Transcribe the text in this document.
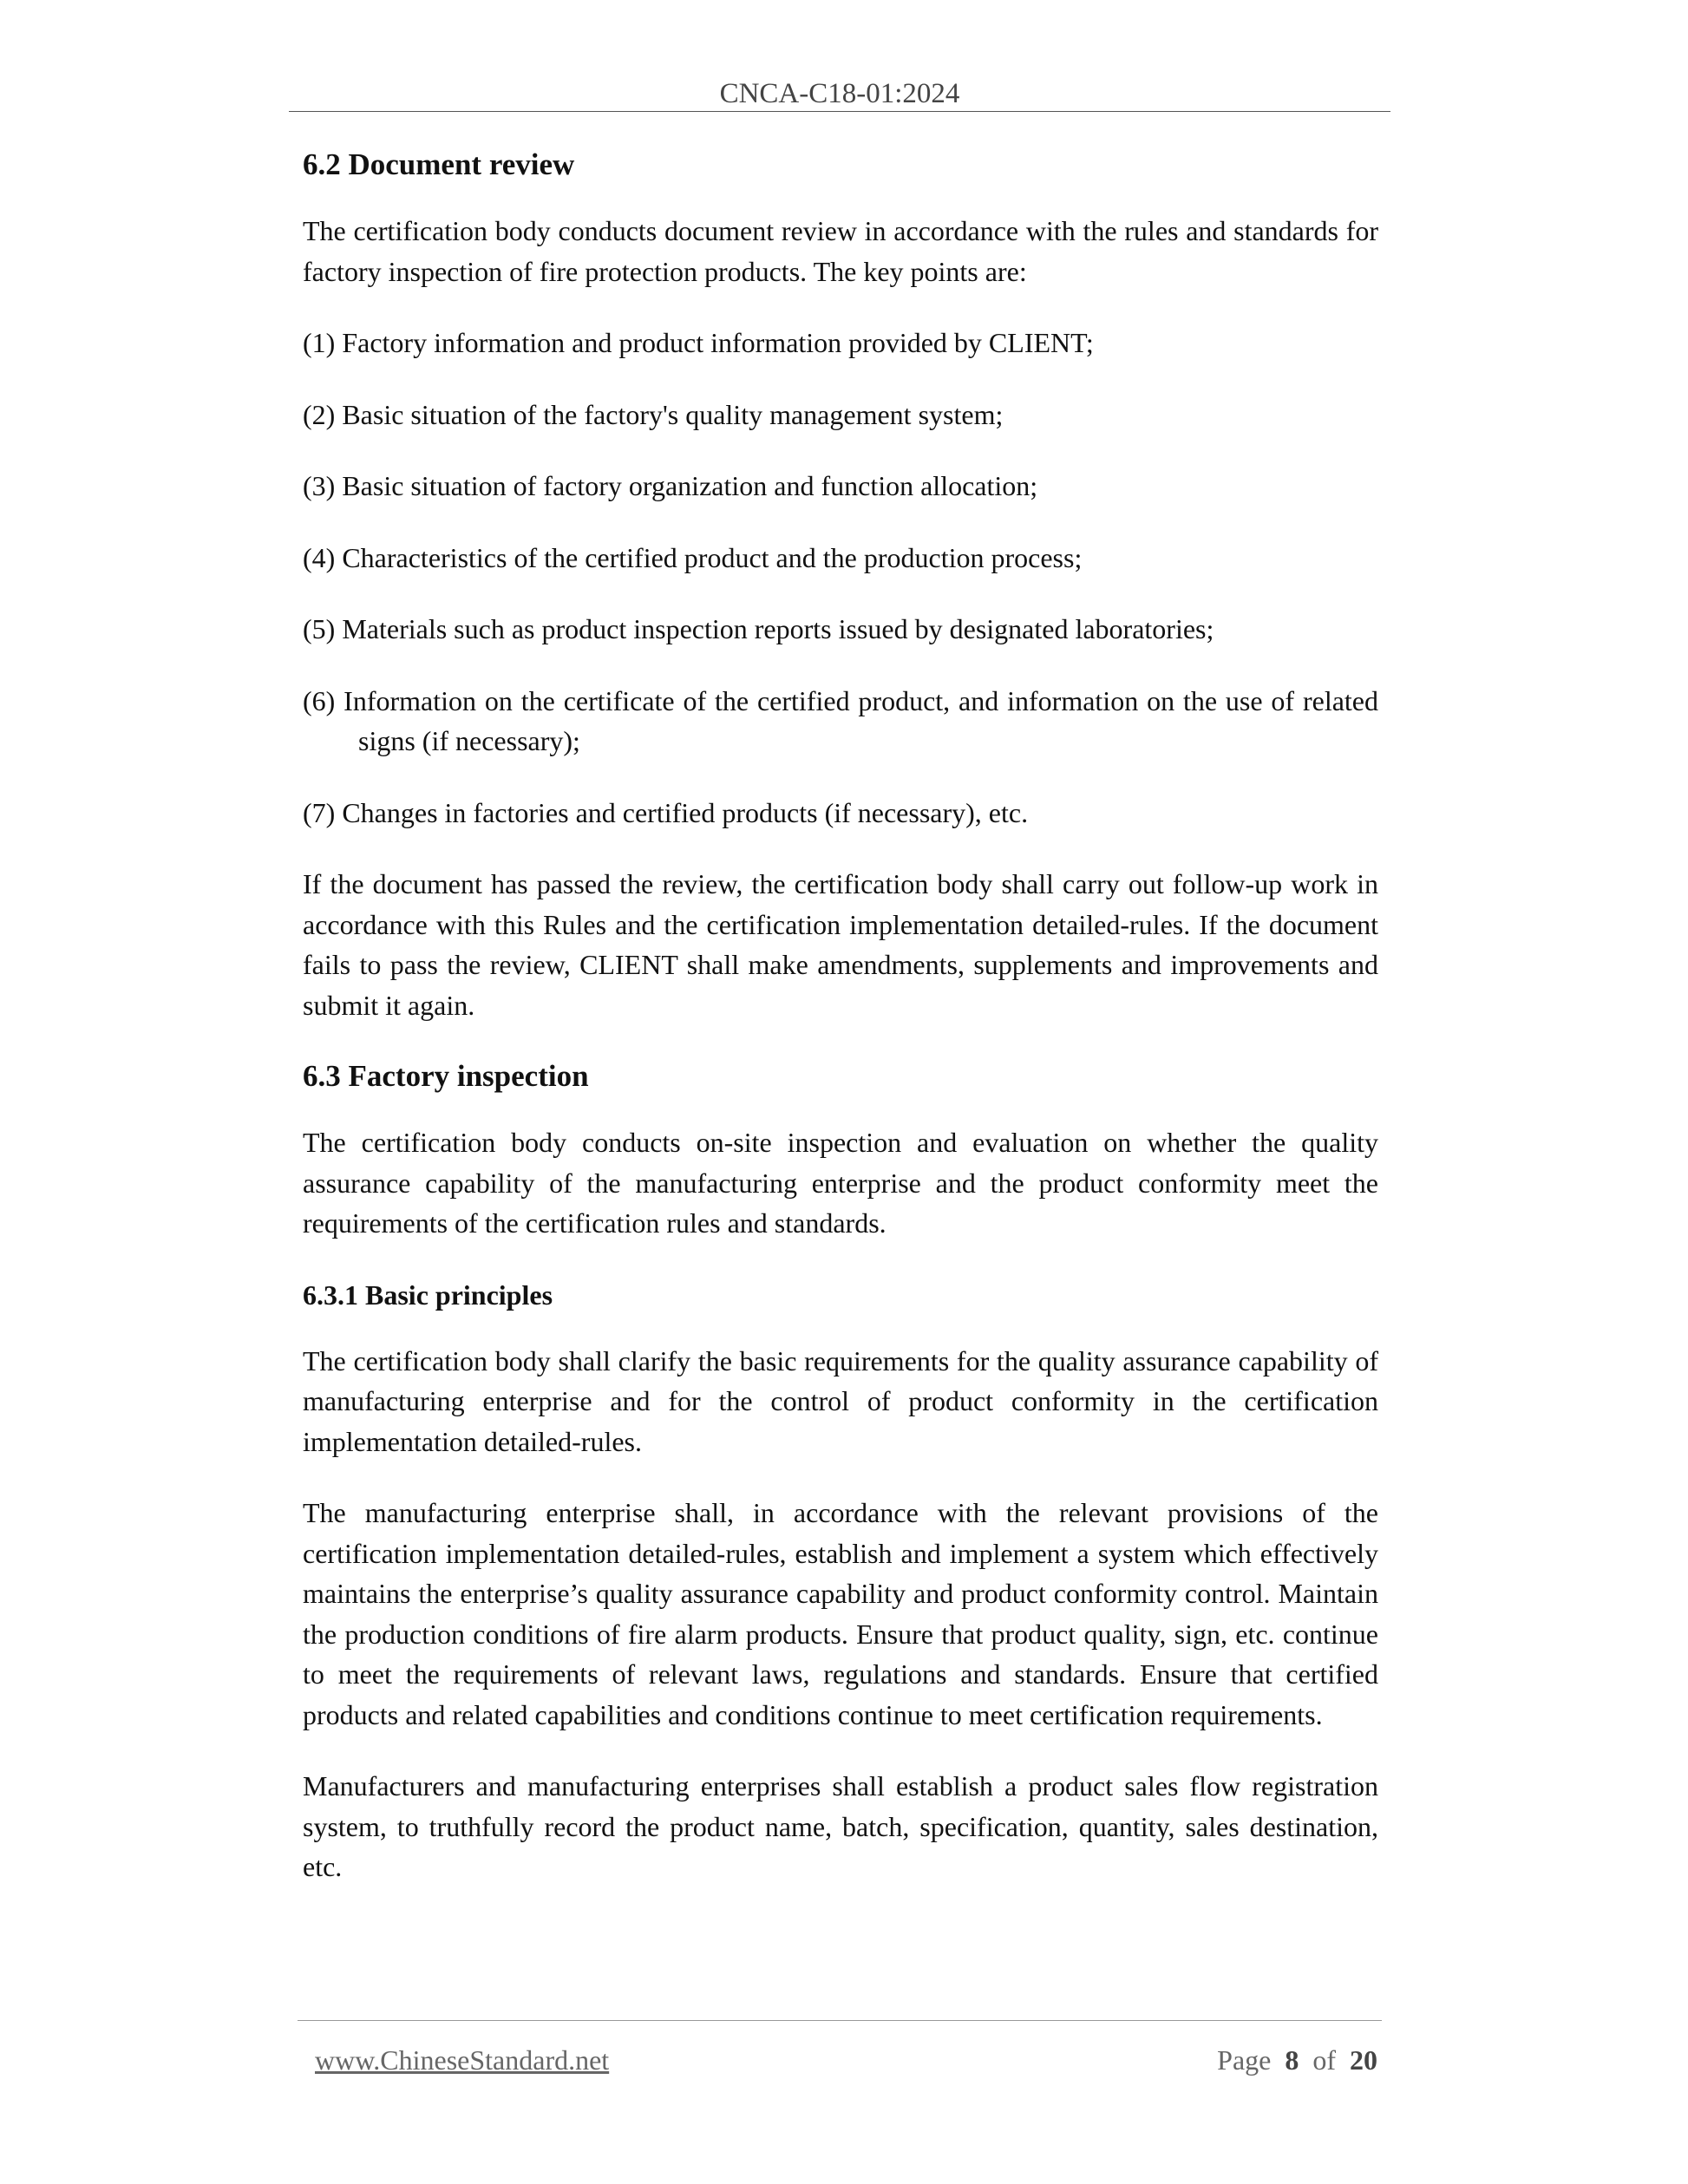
CNCA-C18-01:2024
6.2 Document review
The certification body conducts document review in accordance with the rules and standards for factory inspection of fire protection products. The key points are:
(1) Factory information and product information provided by CLIENT;
(2) Basic situation of the factory's quality management system;
(3) Basic situation of factory organization and function allocation;
(4) Characteristics of the certified product and the production process;
(5) Materials such as product inspection reports issued by designated laboratories;
(6) Information on the certificate of the certified product, and information on the use of related signs (if necessary);
(7) Changes in factories and certified products (if necessary), etc.
If the document has passed the review, the certification body shall carry out follow-up work in accordance with this Rules and the certification implementation detailed-rules. If the document fails to pass the review, CLIENT shall make amendments, supplements and improvements and submit it again.
6.3 Factory inspection
The certification body conducts on-site inspection and evaluation on whether the quality assurance capability of the manufacturing enterprise and the product conformity meet the requirements of the certification rules and standards.
6.3.1 Basic principles
The certification body shall clarify the basic requirements for the quality assurance capability of manufacturing enterprise and for the control of product conformity in the certification implementation detailed-rules.
The manufacturing enterprise shall, in accordance with the relevant provisions of the certification implementation detailed-rules, establish and implement a system which effectively maintains the enterprise’s quality assurance capability and product conformity control. Maintain the production conditions of fire alarm products. Ensure that product quality, sign, etc. continue to meet the requirements of relevant laws, regulations and standards. Ensure that certified products and related capabilities and conditions continue to meet certification requirements.
Manufacturers and manufacturing enterprises shall establish a product sales flow registration system, to truthfully record the product name, batch, specification, quantity, sales destination, etc.
www.ChineseStandard.net	Page 8 of 20
